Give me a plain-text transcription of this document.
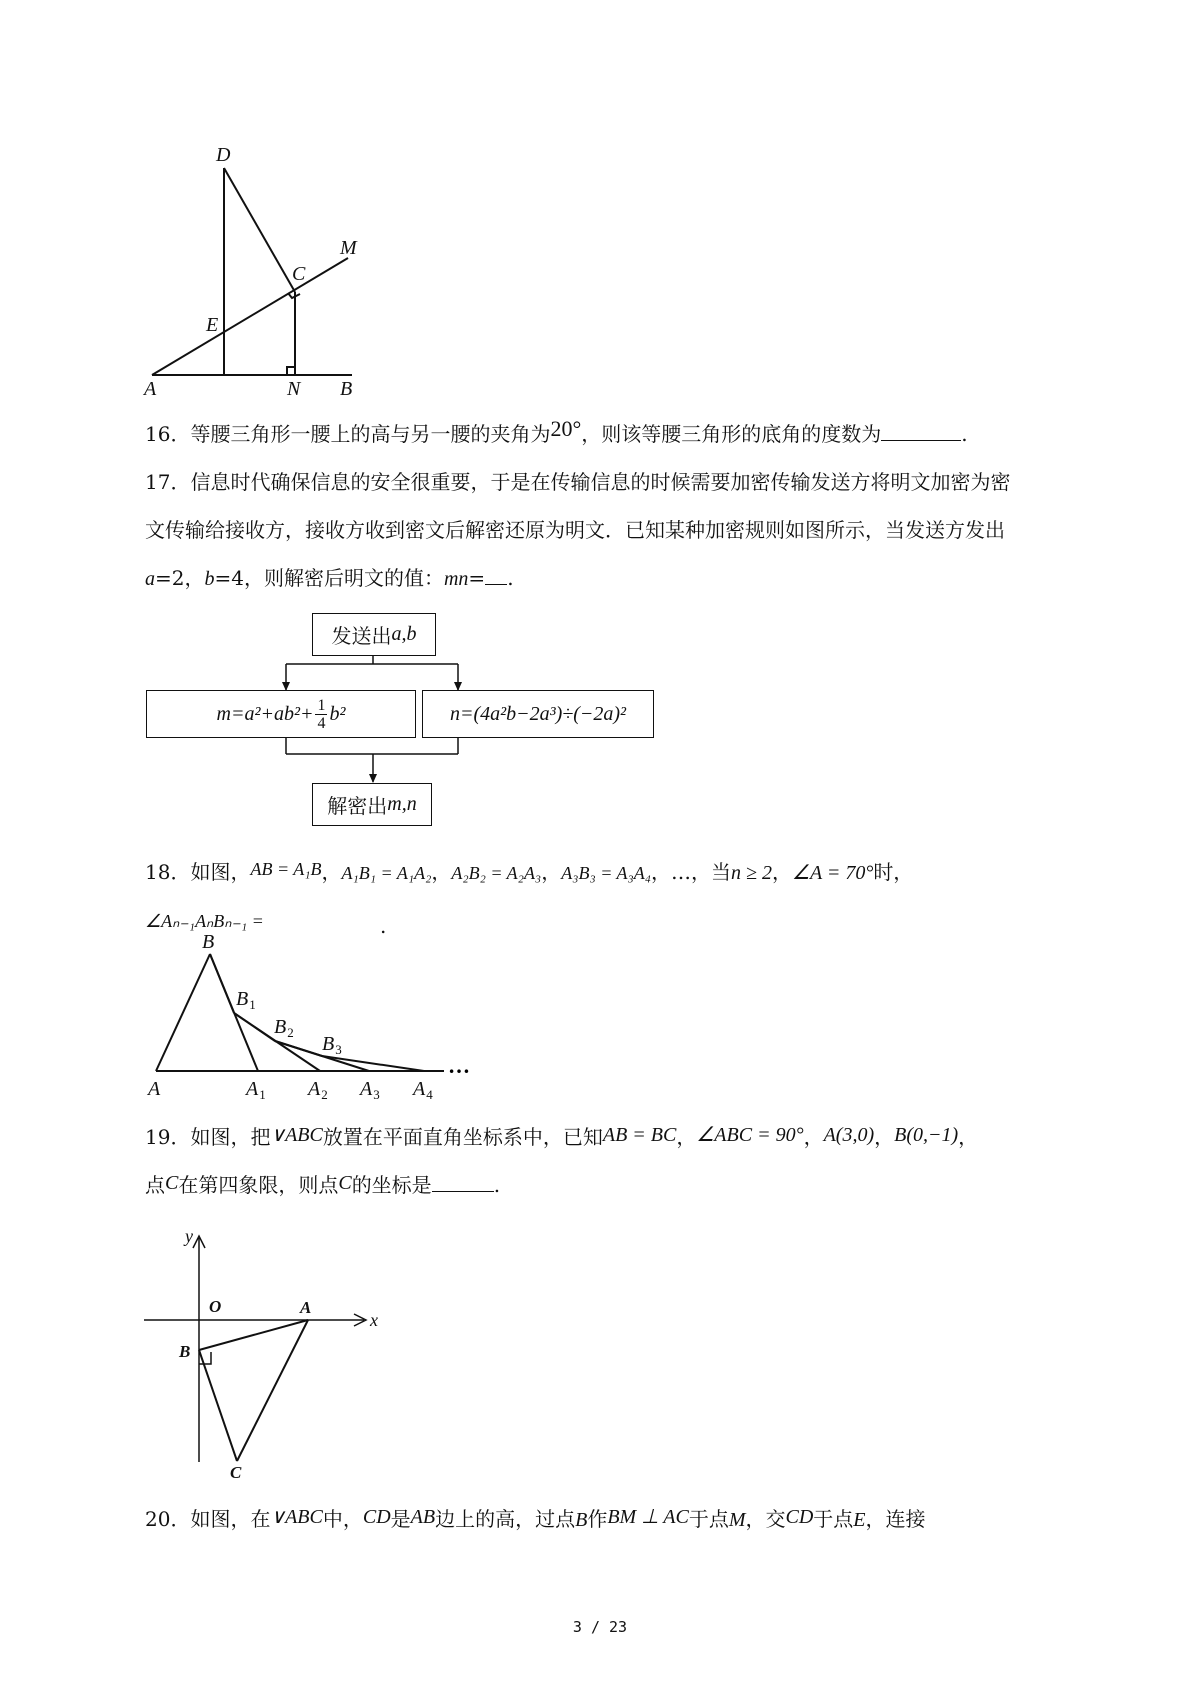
D
M
C
E
A	N B
16．等腰三角形一腰上的高与另一腰的夹角为20°，则该等腰三角形的底角的度数为	.
17．信息时代确保信息的安全很重要，于是在传输信息的时候需要加密传输发送方将明文加密为密
文传输给接收方，接收方收到密文后解密还原为明文．已知某种加密规则如图所示，当发送方发出
a=2，b=4，则解密后明文的值：mn= .
发送出 a,b
$m=a^2+ab^2+ \frac{1}{4} b^2$	n=(4a²b−2a³)÷(−2a)²
解密出 m,n
18．如图，AB = A₁B，A₁B₁ = A₁A₂，A₂B₂ = A₂A₃，A₃B₃ = A₃A₄，…，当n ≥ 2，∠A = 70°时，
∠Aₙ₋₁AₙBₙ₋₁ =	.
B
$B_1$
$B_2$
$B_3$
A	$A_1$ $A_2$ $A_3$ $A_4$
…
19．如图，把∨ABC放置在平面直角坐标系中，已知AB = BC，∠ABC = 90°，A(3,0)，B(0,−1)，
点C在第四象限，则点C的坐标是	.
y
x
O	A
B
C
20．如图，在∨ABC中，CD是AB边上的高，过点B作BM ⊥ AC于点M，交CD于点E，连接
3 / 23
